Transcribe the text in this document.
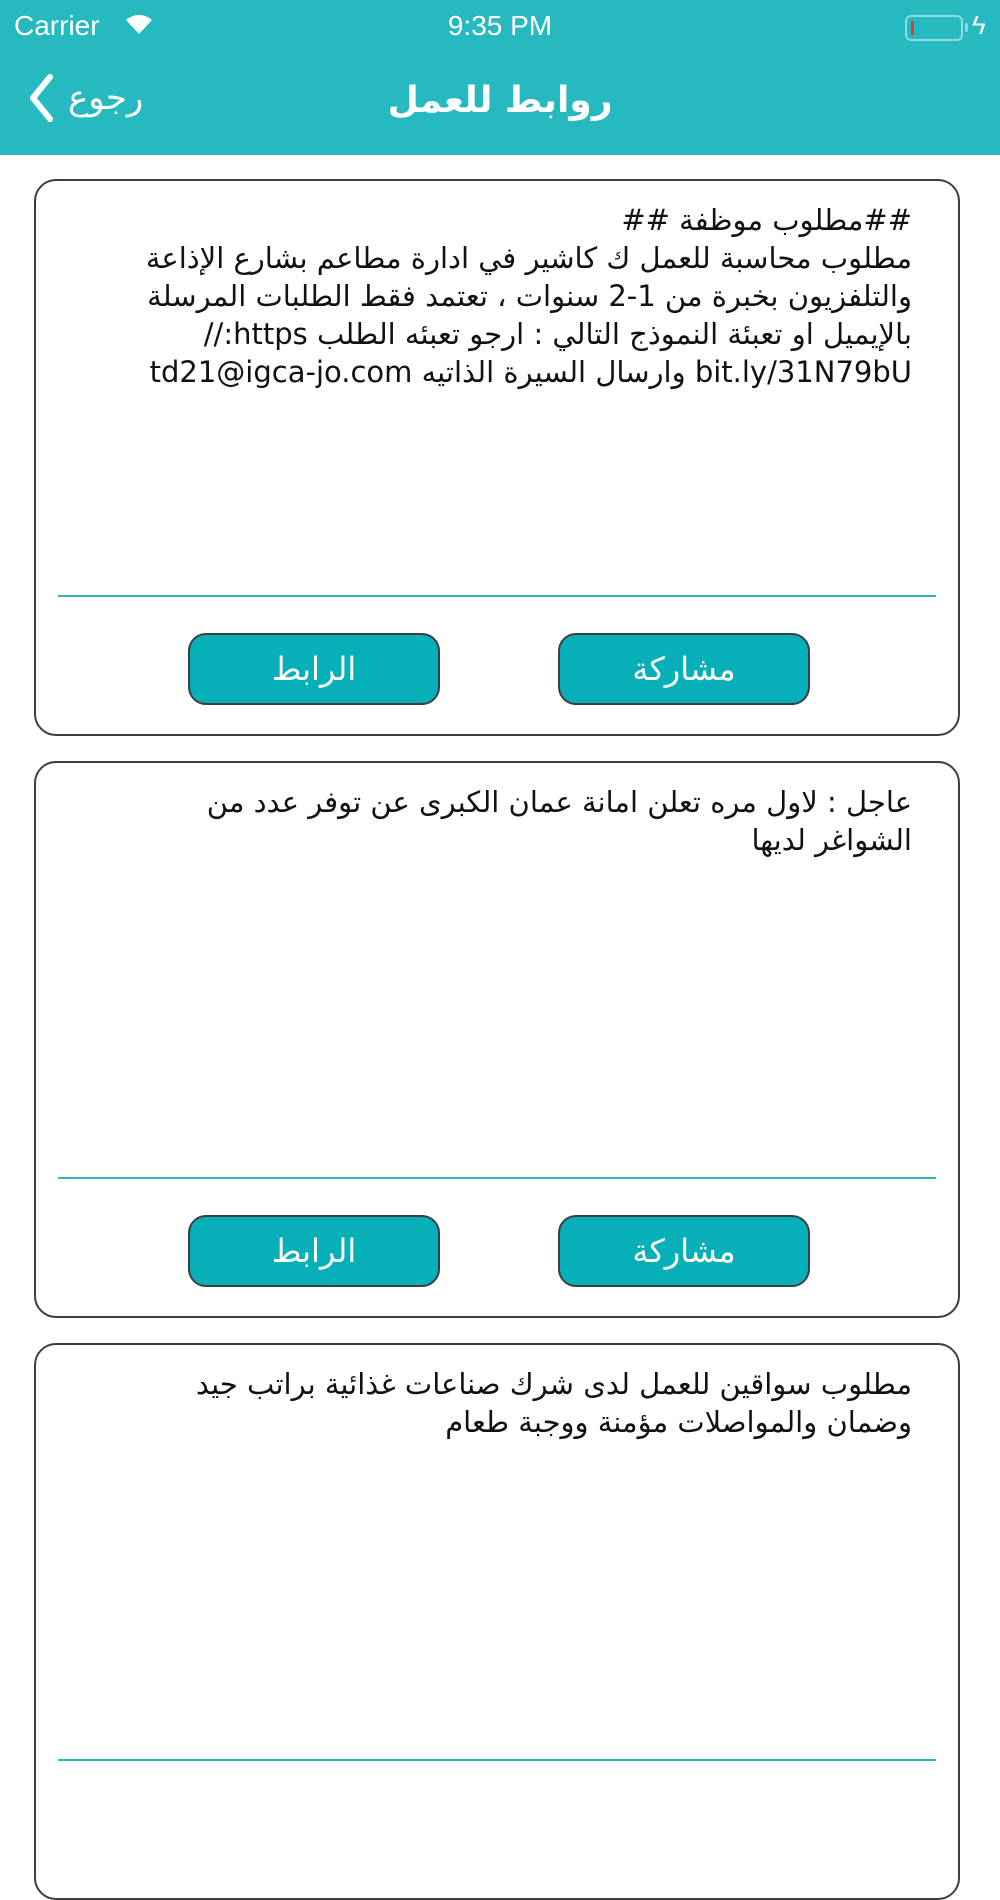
Carrier	9:35 PM	ϟ
رجوع	روابط للعمل
##مطلوب موظفة ##
مطلوب محاسبة للعمل ك كاشير في ادارة مطاعم بشارع الإذاعة
والتلفزيون بخبرة من 1-2 سنوات ، تعتمد فقط الطلبات المرسلة
بالإيميل او تعبئة النموذج التالي : ارجو تعبئه الطلب https://
bit.ly/31N79bU وارسال السيرة الذاتيه td21@igca-jo.com
الرابط	مشاركة
عاجل : لاول مره تعلن امانة عمان الكبرى عن توفر عدد من
الشواغر لديها
الرابط	مشاركة
مطلوب سواقين للعمل لدى شرك صناعات غذائية براتب جيد
وضمان والمواصلات مؤمنة ووجبة طعام
